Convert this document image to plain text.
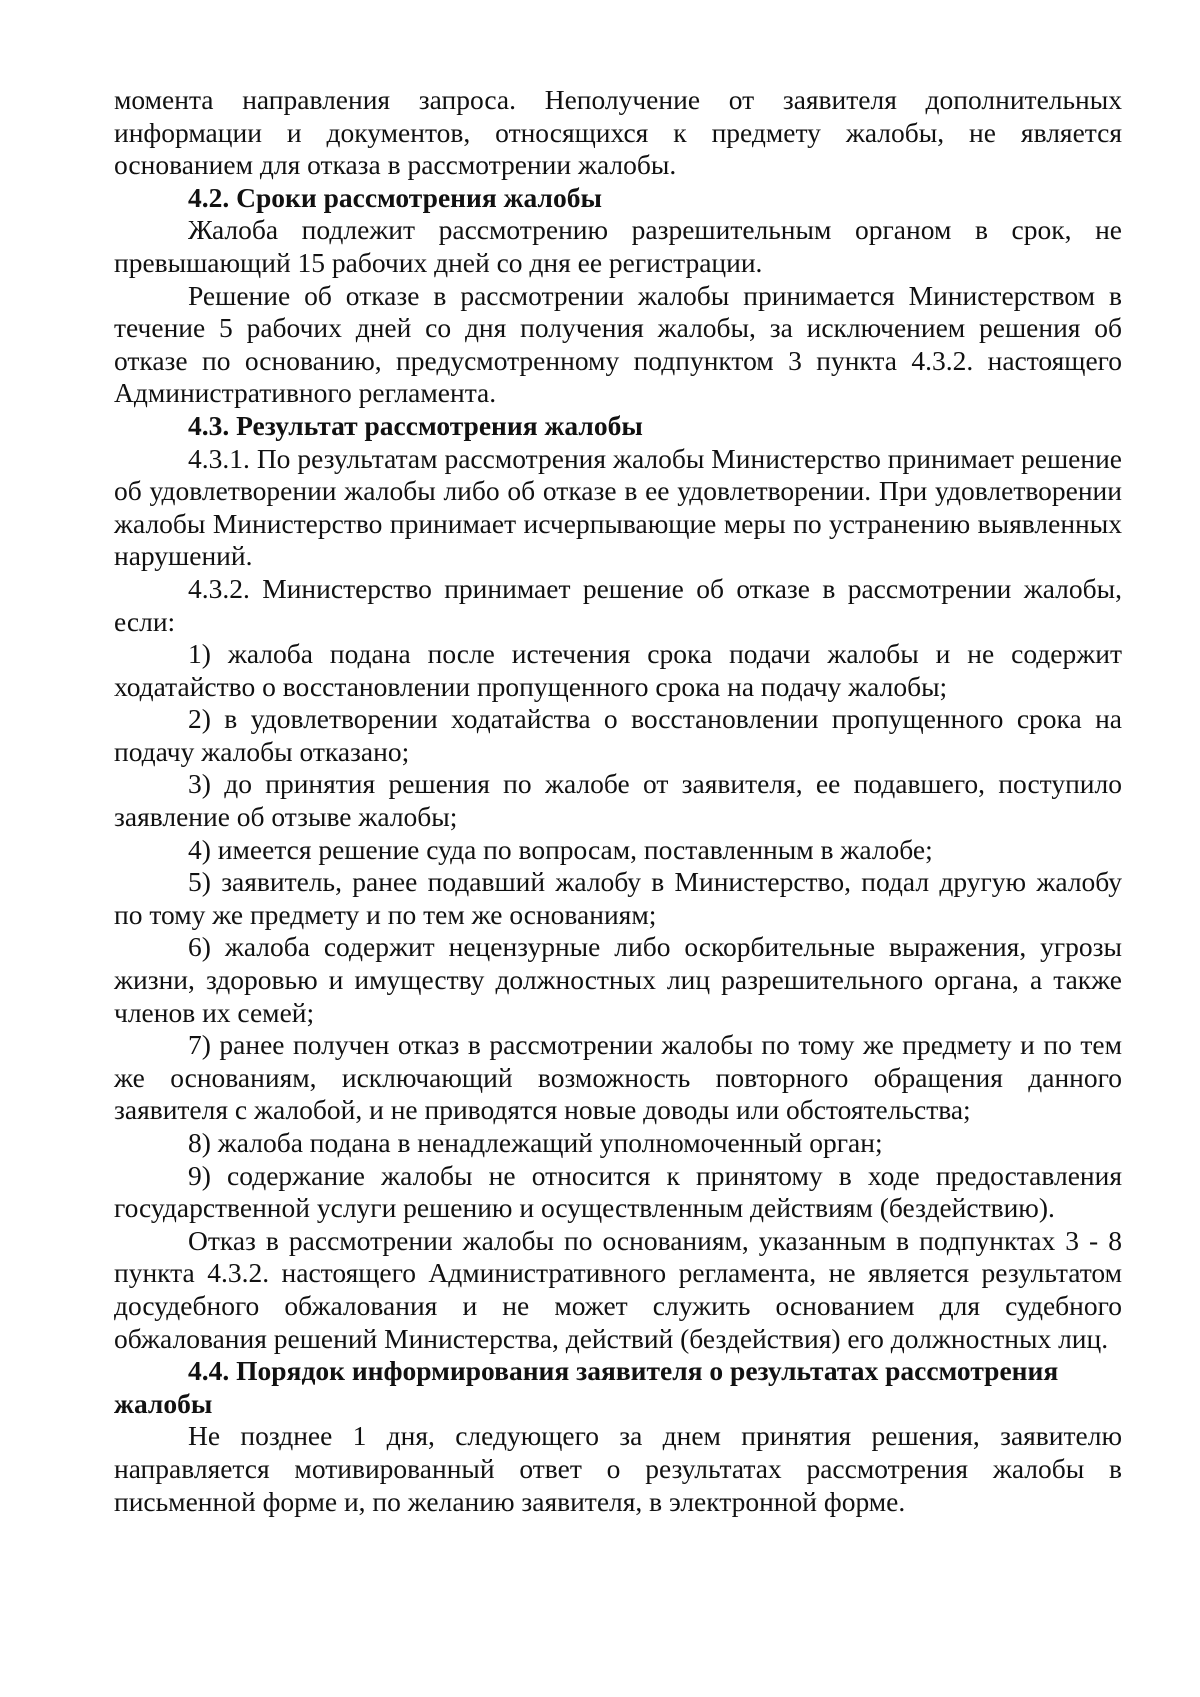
момента направления запроса. Неполучение от заявителя дополнительных информации и документов, относящихся к предмету жалобы, не является основанием для отказа в рассмотрении жалобы.

4.2. Сроки рассмотрения жалобы

Жалоба подлежит рассмотрению разрешительным органом в срок, не превышающий 15 рабочих дней со дня ее регистрации.

Решение об отказе в рассмотрении жалобы принимается Министерством в течение 5 рабочих дней со дня получения жалобы, за исключением решения об отказе по основанию, предусмотренному подпунктом 3 пункта 4.3.2. настоящего Административного регламента.

4.3. Результат рассмотрения жалобы

4.3.1. По результатам рассмотрения жалобы Министерство принимает решение об удовлетворении жалобы либо об отказе в ее удовлетворении. При удовлетворении жалобы Министерство принимает исчерпывающие меры по устранению выявленных нарушений.

4.3.2. Министерство принимает решение об отказе в рассмотрении жалобы, если:

1) жалоба подана после истечения срока подачи жалобы и не содержит ходатайство о восстановлении пропущенного срока на подачу жалобы;

2) в удовлетворении ходатайства о восстановлении пропущенного срока на подачу жалобы отказано;

3) до принятия решения по жалобе от заявителя, ее подавшего, поступило заявление об отзыве жалобы;

4) имеется решение суда по вопросам, поставленным в жалобе;

5) заявитель, ранее подавший жалобу в Министерство, подал другую жалобу по тому же предмету и по тем же основаниям;

6) жалоба содержит нецензурные либо оскорбительные выражения, угрозы жизни, здоровью и имуществу должностных лиц разрешительного органа, а также членов их семей;

7) ранее получен отказ в рассмотрении жалобы по тому же предмету и по тем же основаниям, исключающий возможность повторного обращения данного заявителя с жалобой, и не приводятся новые доводы или обстоятельства;

8) жалоба подана в ненадлежащий уполномоченный орган;

9) содержание жалобы не относится к принятому в ходе предоставления государственной услуги решению и осуществленным действиям (бездействию).

Отказ в рассмотрении жалобы по основаниям, указанным в подпунктах 3 - 8 пункта 4.3.2. настоящего Административного регламента, не является результатом досудебного обжалования и не может служить основанием для судебного обжалования решений Министерства, действий (бездействия) его должностных лиц.

4.4. Порядок информирования заявителя о результатах рассмотрения жалобы

Не позднее 1 дня, следующего за днем принятия решения, заявителю направляется мотивированный ответ о результатах рассмотрения жалобы в письменной форме и, по желанию заявителя, в электронной форме.
